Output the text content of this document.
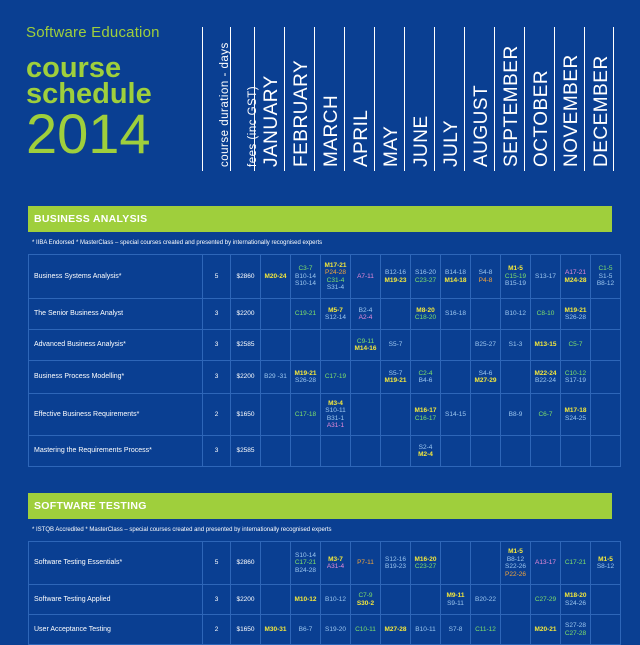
Software Education
course
schedule
2014	course duration - days fees (inc GST) JANUARY FEBRUARY MARCH APRIL MAY JUNE JULY AUGUST SEPTEMBER OCTOBER NOVEMBER DECEMBER
BUSINESS ANALYSIS
* IIBA Endorsed * MasterClass – special courses created and presented by internationally recognised experts
Business Systems Analysis*	5	$2860	M20-24	C3-7
B10-14
S10-14	M17-21
P24-28
C31-4
S31-4	A7-11	B12-16
M19-23	S16-20
C23-27	B14-18
M14-18	S4-8
P4-8	M1-5
C15-19
B15-19	S13-17	A17-21
M24-28	C1-5
S1-5
B8-12

The Senior Business Analyst	3	$2200		C19-21	M5-7
S12-14	B2-4
A2-4		M8-20
C18-20	S16-18		B10-12	C8-10	M19-21
S26-28	

Advanced Business Analysis*	3	$2585				C9-11
M14-16	S5-7			B25-27	S1-3	M13-15	C5-7	

Business Process Modelling*	3	$2200	B29 -31	M19-21
S26-28	C17-19		S5-7
M19-21	C2-4
B4-6		S4-6
M27-29		M22-24
B22-24	C10-12
S17-19	

Effective Business Requirements*	2	$1650		C17-18	M3-4
S10-11
B31-1
A31-1			M16-17
C16-17	S14-15		B8-9	C6-7	M17-18
S24-25	

Mastering the Requirements Process*	3	$2585						S2-4
M2-4						

SOFTWARE TESTING
* ISTQB Accredited * MasterClass – special courses created and presented by internationally recognised experts
Software Testing Essentials*	5	$2860		S10-14
C17-21
B24-28	M3-7
A31-4	P7-11	S12-16
B19-23	M16-20
C23-27			M1-5
B8-12
S22-26
P22-26	A13-17	C17-21	M1-5
S8-12

Software Testing Applied	3	$2200		M10-12	B10-12	C7-9
S30-2			M9-11
S9-11	B20-22		C27-29	M18-20
S24-26	

User Acceptance Testing	2	$1650	M30-31	B6-7	S19-20	C10-11	M27-28	B10-11	S7-8	C11-12		M20-21	S27-28
C27-28	
